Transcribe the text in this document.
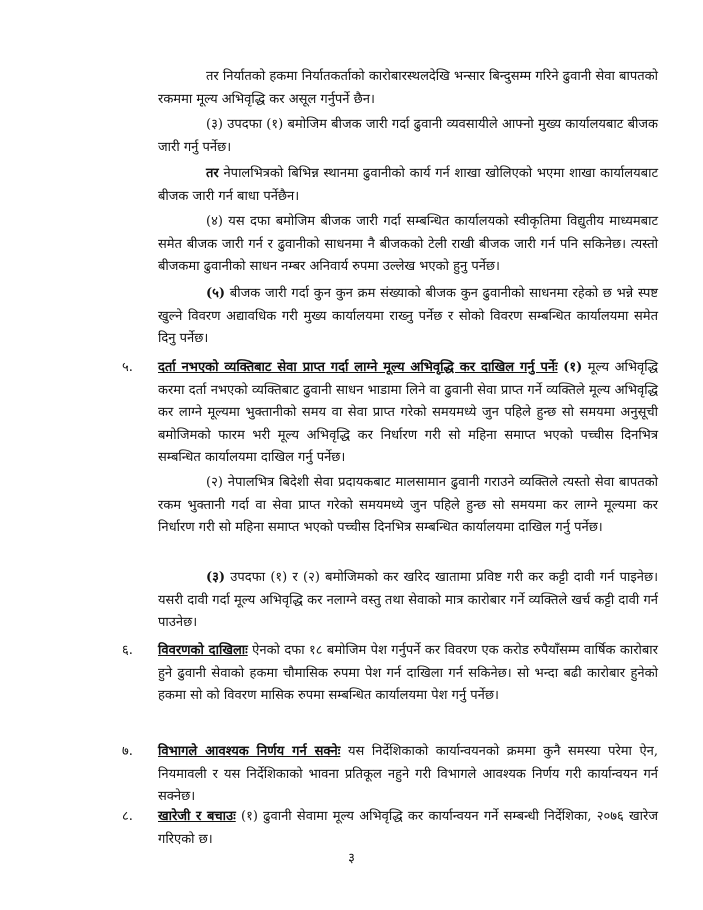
तर निर्यातको हकमा निर्यातकर्ताको कारोबारस्थलदेखि भन्सार बिन्दुसम्म गरिने ढुवानी सेवा बापतको रकममा मूल्य अभिवृद्धि कर असूल गर्नुपर्ने छैन।
(३) उपदफा (१) बमोजिम बीजक जारी गर्दा ढुवानी व्यवसायीले आफ्नो मुख्य कार्यालयबाट बीजक जारी गर्नु पर्नेछ।
तर नेपालभित्रको बिभिन्न स्थानमा ढुवानीको कार्य गर्न शाखा खोलिएको भएमा शाखा कार्यालयबाट बीजक जारी गर्न बाधा पर्नेछैन।
(४) यस दफा बमोजिम बीजक जारी गर्दा सम्बन्धित कार्यालयको स्वीकृतिमा विद्युतीय माध्यमबाट समेत बीजक जारी गर्न र ढुवानीको साधनमा नै बीजकको टेली राखी बीजक जारी गर्न पनि सकिनेछ। त्यस्तो बीजकमा ढुवानीको साधन नम्बर अनिवार्य रुपमा उल्लेख भएको हुनु पर्नेछ।
(५) बीजक जारी गर्दा कुन कुन क्रम संख्याको बीजक कुन ढुवानीको साधनमा रहेको छ भन्ने स्पष्ट खुल्ने विवरण अद्यावधिक गरी मुख्य कार्यालयमा राख्नु पर्नेछ र सोको विवरण सम्बन्धित कार्यालयमा समेत दिनु पर्नेछ।
५. दर्ता नभएको व्यक्तिबाट सेवा प्राप्त गर्दा लाग्ने मूल्य अभिवृद्धि कर दाखिल गर्नु पर्नेः (१) मूल्य अभिवृद्धि करमा दर्ता नभएको व्यक्तिबाट ढुवानी साधन भाडामा लिने वा ढुवानी सेवा प्राप्त गर्ने व्यक्तिले मूल्य अभिवृद्धि कर लाग्ने मूल्यमा भुक्तानीको समय वा सेवा प्राप्त गरेको समयमध्ये जुन पहिले हुन्छ सो समयमा अनुसूची बमोजिमको फारम भरी मूल्य अभिवृद्धि कर निर्धारण गरी सो महिना समाप्त भएको पच्चीस दिनभित्र सम्बन्धित कार्यालयमा दाखिल गर्नु पर्नेछ।
(२) नेपालभित्र बिदेशी सेवा प्रदायकबाट मालसामान ढुवानी गराउने व्यक्तिले त्यस्तो सेवा बापतको रकम भुक्तानी गर्दा वा सेवा प्राप्त गरेको समयमध्ये जुन पहिले हुन्छ सो समयमा कर लाग्ने मूल्यमा कर निर्धारण गरी सो महिना समाप्त भएको पच्चीस दिनभित्र सम्बन्धित कार्यालयमा दाखिल गर्नु पर्नेछ।
(३) उपदफा (१) र (२) बमोजिमको कर खरिद खातामा प्रविष्ट गरी कर कट्टी दावी गर्न पाइनेछ। यसरी दावी गर्दा मूल्य अभिवृद्धि कर नलाग्ने वस्तु तथा सेवाको मात्र कारोबार गर्ने व्यक्तिले खर्च कट्टी दावी गर्न पाउनेछ।
६. विवरणको दाखिलाः ऐनको दफा १८ बमोजिम पेश गर्नुपर्ने कर विवरण एक करोड रुपैयाँसम्म वार्षिक कारोबार हुने ढुवानी सेवाको हकमा चौमासिक रुपमा पेश गर्न दाखिला गर्न सकिनेछ। सो भन्दा बढी कारोबार हुनेको हकमा सो को विवरण मासिक रुपमा सम्बन्धित कार्यालयमा पेश गर्नु पर्नेछ।
७. विभागले आवश्यक निर्णय गर्न सक्नेः यस निर्देशिकाको कार्यान्वयनको क्रममा कुनै समस्या परेमा ऐन, नियमावली र यस निर्देशिकाको भावना प्रतिकूल नहुने गरी विभागले आवश्यक निर्णय गरी कार्यान्वयन गर्न सक्नेछ।
८. खारेजी र बचाउः (१) ढुवानी सेवामा मूल्य अभिवृद्धि कर कार्यान्वयन गर्ने सम्बन्धी निर्देशिका, २०७६ खारेज गरिएको छ।
३
